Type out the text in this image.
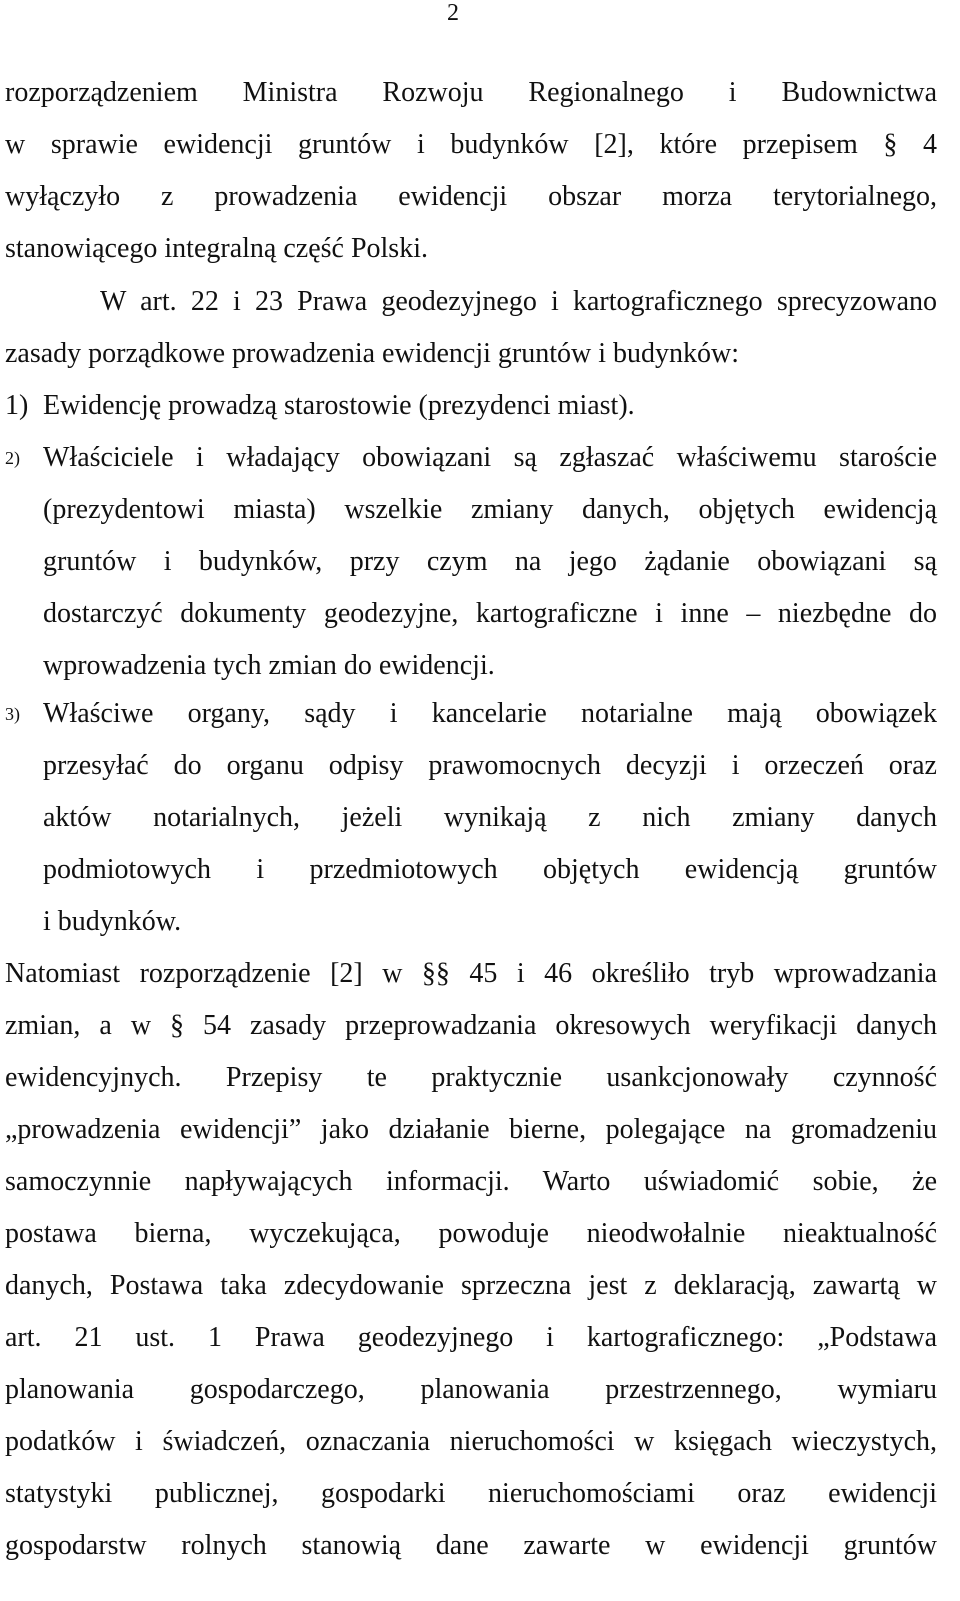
2
rozporządzeniem Ministra Rozwoju Regionalnego i Budownictwa
w sprawie ewidencji gruntów i budynków [2], które przepisem § 4
wyłączyło z prowadzenia ewidencji obszar morza terytorialnego,
stanowiącego integralną część Polski.
W art. 22 i 23 Prawa geodezyjnego i kartograficznego sprecyzowano
zasady porządkowe prowadzenia ewidencji gruntów i budynków:
1) Ewidencję prowadzą starostowie (prezydenci miast).
2) Właściciele i władający obowiązani są zgłaszać właściwemu staroście
(prezydentowi miasta) wszelkie zmiany danych, objętych ewidencją
gruntów i budynków, przy czym na jego żądanie obowiązani są
dostarczyć dokumenty geodezyjne, kartograficzne i inne – niezbędne do
wprowadzenia tych zmian do ewidencji.
3) Właściwe organy, sądy i kancelarie notarialne mają obowiązek
przesyłać do organu odpisy prawomocnych decyzji i orzeczeń oraz
aktów notarialnych, jeżeli wynikają z nich zmiany danych
podmiotowych i przedmiotowych objętych ewidencją gruntów
i budynków.
Natomiast rozporządzenie [2] w §§ 45 i 46 określiło tryb wprowadzania
zmian, a w § 54 zasady przeprowadzania okresowych weryfikacji danych
ewidencyjnych. Przepisy te praktycznie usankcjonowały czynność
„prowadzenia ewidencji” jako działanie bierne, polegające na gromadzeniu
samoczynnie napływających informacji. Warto uświadomić sobie, że
postawa bierna, wyczekująca, powoduje nieodwołalnie nieaktualność
danych, Postawa taka zdecydowanie sprzeczna jest z deklaracją, zawartą w
art. 21 ust. 1 Prawa geodezyjnego i kartograficznego: „Podstawa
planowania gospodarczego, planowania przestrzennego, wymiaru
podatków i świadczeń, oznaczania nieruchomości w księgach wieczystych,
statystyki publicznej, gospodarki nieruchomościami oraz ewidencji
gospodarstw rolnych stanowią dane zawarte w ewidencji gruntów
